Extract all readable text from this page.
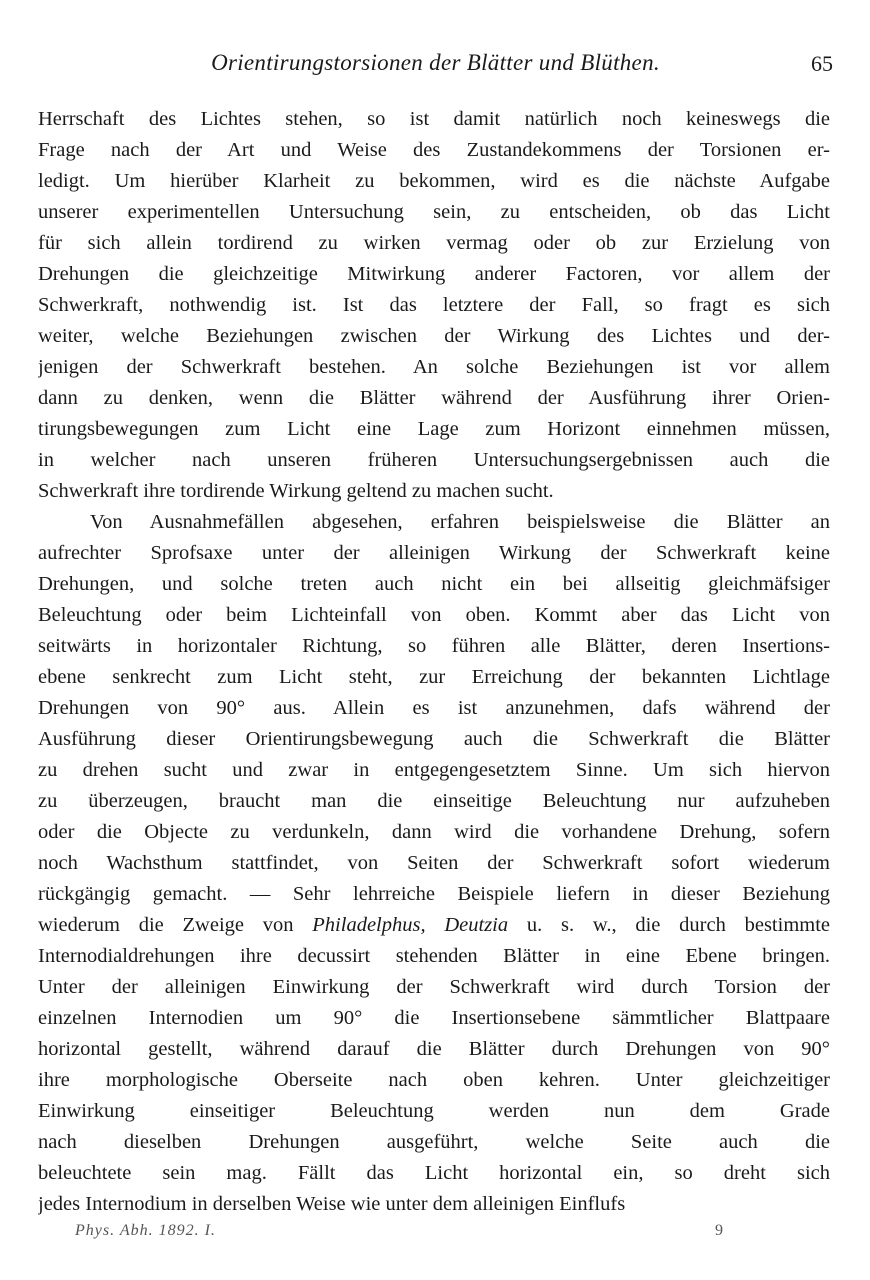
Orientirungstorsionen der Blätter und Blüthen.	65
Herrschaft des Lichtes stehen, so ist damit natürlich noch keineswegs die
Frage nach der Art und Weise des Zustandekommens der Torsionen er-
ledigt. Um hierüber Klarheit zu bekommen, wird es die nächste Aufgabe
unserer experimentellen Untersuchung sein, zu entscheiden, ob das Licht
für sich allein tordirend zu wirken vermag oder ob zur Erzielung von
Drehungen die gleichzeitige Mitwirkung anderer Factoren, vor allem der
Schwerkraft, nothwendig ist. Ist das letztere der Fall, so fragt es sich
weiter, welche Beziehungen zwischen der Wirkung des Lichtes und der-
jenigen der Schwerkraft bestehen. An solche Beziehungen ist vor allem
dann zu denken, wenn die Blätter während der Ausführung ihrer Orien-
tirungsbewegungen zum Licht eine Lage zum Horizont einnehmen müssen,
in welcher nach unseren früheren Untersuchungsergebnissen auch die
Schwerkraft ihre tordirende Wirkung geltend zu machen sucht.
Von Ausnahmefällen abgesehen, erfahren beispielsweise die Blätter an
aufrechter Sprofsaxe unter der alleinigen Wirkung der Schwerkraft keine
Drehungen, und solche treten auch nicht ein bei allseitig gleichmäfsiger
Beleuchtung oder beim Lichteinfall von oben. Kommt aber das Licht von
seitwärts in horizontaler Richtung, so führen alle Blätter, deren Insertions-
ebene senkrecht zum Licht steht, zur Erreichung der bekannten Lichtlage
Drehungen von 90° aus. Allein es ist anzunehmen, dafs während der
Ausführung dieser Orientirungsbewegung auch die Schwerkraft die Blätter
zu drehen sucht und zwar in entgegengesetztem Sinne. Um sich hiervon
zu überzeugen, braucht man die einseitige Beleuchtung nur aufzuheben
oder die Objecte zu verdunkeln, dann wird die vorhandene Drehung, sofern
noch Wachsthum stattfindet, von Seiten der Schwerkraft sofort wiederum
rückgängig gemacht. — Sehr lehrreiche Beispiele liefern in dieser Beziehung
wiederum die Zweige von Philadelphus, Deutzia u. s. w., die durch bestimmte
Internodialdrehungen ihre decussirt stehenden Blätter in eine Ebene bringen.
Unter der alleinigen Einwirkung der Schwerkraft wird durch Torsion der
einzelnen Internodien um 90° die Insertionsebene sämmtlicher Blattpaare
horizontal gestellt, während darauf die Blätter durch Drehungen von 90°
ihre morphologische Oberseite nach oben kehren. Unter gleichzeitiger
Einwirkung einseitiger Beleuchtung werden nun dem Grade
nach dieselben Drehungen ausgeführt, welche Seite auch die
beleuchtete sein mag. Fällt das Licht horizontal ein, so dreht sich
jedes Internodium in derselben Weise wie unter dem alleinigen Einflufs
Phys. Abh. 1892. I.	9
